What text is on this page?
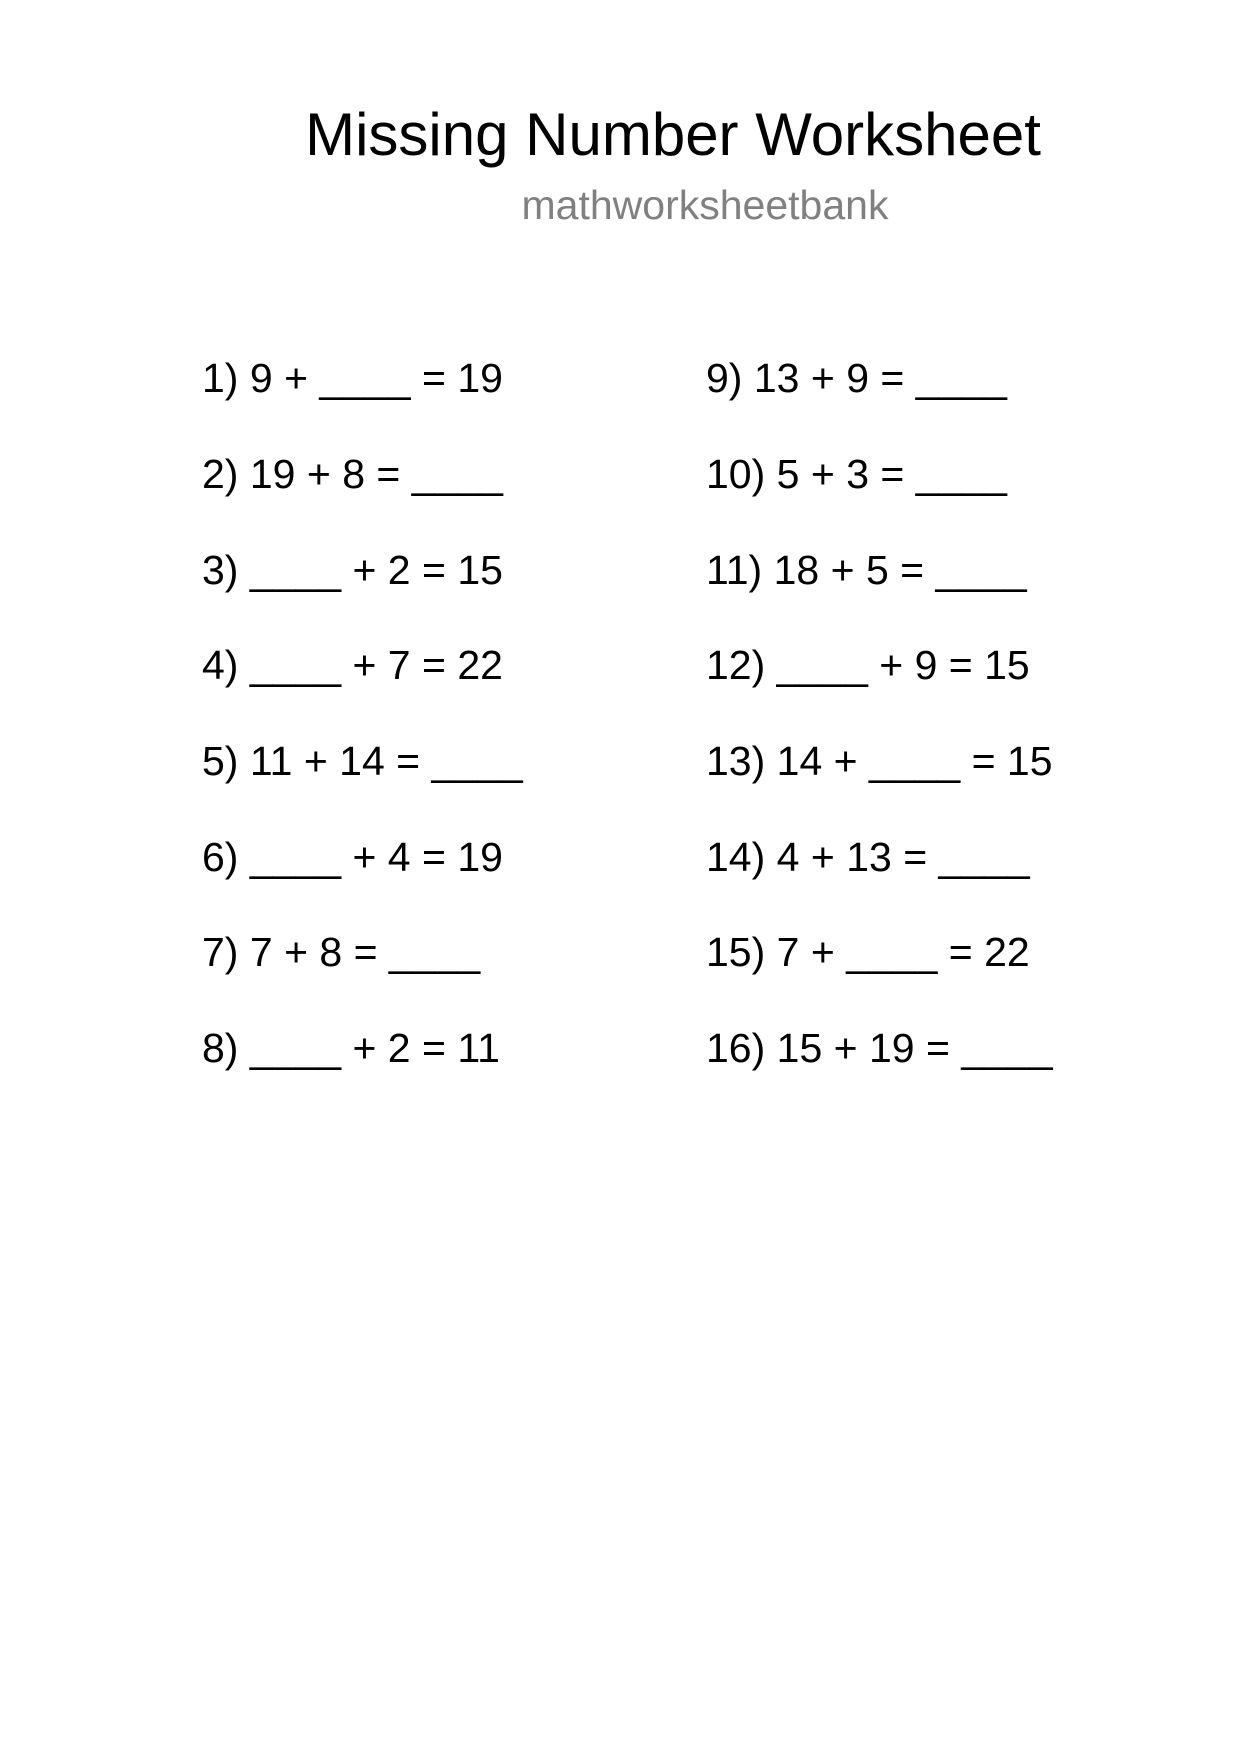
Missing Number Worksheet
mathworksheetbank
1) 9 + ____ = 19
2) 19 + 8 = ____
3) ____ + 2 = 15
4) ____ + 7 = 22
5) 11 + 14 = ____
6) ____ + 4 = 19
7) 7 + 8 = ____
8) ____ + 2 = 11
9) 13 + 9 = ____
10) 5 + 3 = ____
11) 18 + 5 = ____
12) ____ + 9 = 15
13) 14 + ____ = 15
14) 4 + 13 = ____
15) 7 + ____ = 22
16) 15 + 19 = ____
